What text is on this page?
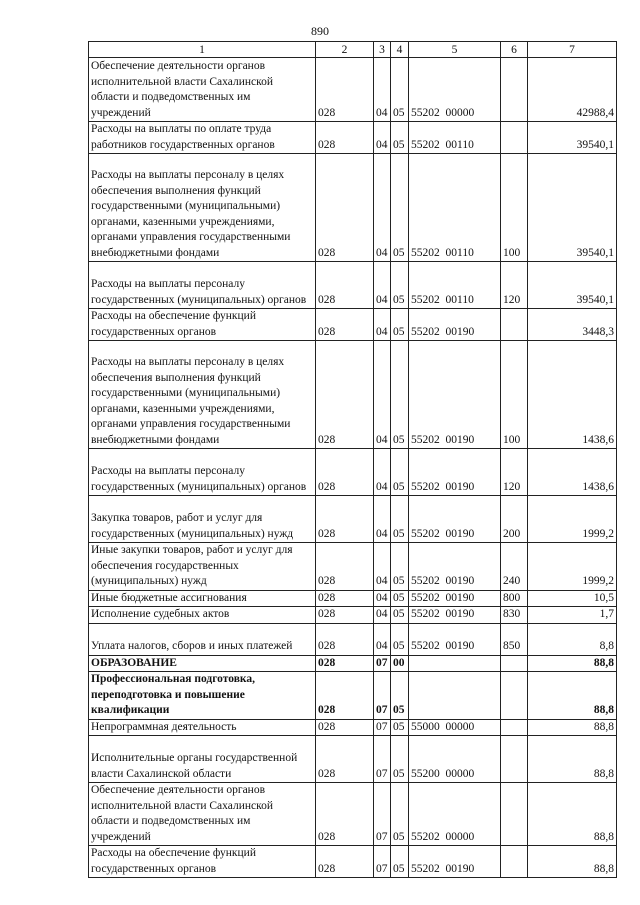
890
1	2	3	4	5	6	7
Обеспечение деятельности органов исполнительной власти Сахалинской области и подведомственных им учреждений	028	04	05	55202  00000		42988,4
Расходы на выплаты по оплате труда работников государственных органов	028	04	05	55202  00110		39540,1
Расходы на выплаты персоналу в целях обеспечения выполнения функций государственными (муниципальными) органами, казенными учреждениями, органами управления государственными внебюджетными фондами	028	04	05	55202  00110	100	39540,1
Расходы на выплаты персоналу государственных (муниципальных) органов	028	04	05	55202  00110	120	39540,1
Расходы на обеспечение функций государственных органов	028	04	05	55202  00190		3448,3
Расходы на выплаты персоналу в целях обеспечения выполнения функций государственными (муниципальными) органами, казенными учреждениями, органами управления государственными внебюджетными фондами	028	04	05	55202  00190	100	1438,6
Расходы на выплаты персоналу государственных (муниципальных) органов	028	04	05	55202  00190	120	1438,6
Закупка товаров, работ и услуг для государственных (муниципальных) нужд	028	04	05	55202  00190	200	1999,2
Иные закупки товаров, работ и услуг для обеспечения государственных (муниципальных) нужд	028	04	05	55202  00190	240	1999,2
Иные бюджетные ассигнования	028	04	05	55202  00190	800	10,5
Исполнение судебных актов	028	04	05	55202  00190	830	1,7
Уплата налогов, сборов и иных платежей	028	04	05	55202  00190	850	8,8
ОБРАЗОВАНИЕ	028	07	00			88,8
Профессиональная подготовка, переподготовка и повышение квалификации	028	07	05			88,8
Непрограммная деятельность	028	07	05	55000  00000		88,8
Исполнительные органы государственной власти Сахалинской области	028	07	05	55200  00000		88,8
Обеспечение деятельности органов исполнительной власти Сахалинской области и подведомственных им учреждений	028	07	05	55202  00000		88,8
Расходы на обеспечение функций государственных органов	028	07	05	55202  00190		88,8
